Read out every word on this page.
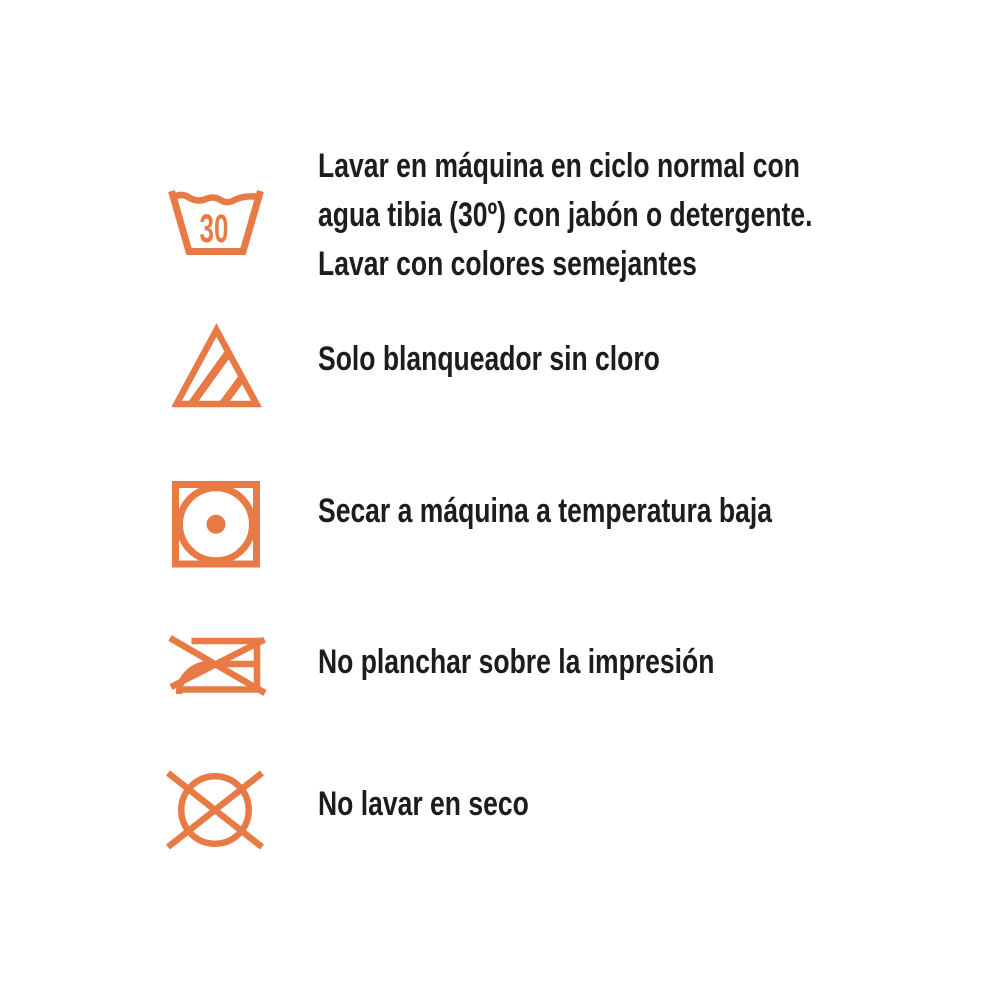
30
Lavar en máquina en ciclo normal con
agua tibia (30º) con jabón o detergente.
Lavar con colores semejantes
Solo blanqueador sin cloro
Secar a máquina a temperatura baja
No planchar sobre la impresión
No lavar en seco
